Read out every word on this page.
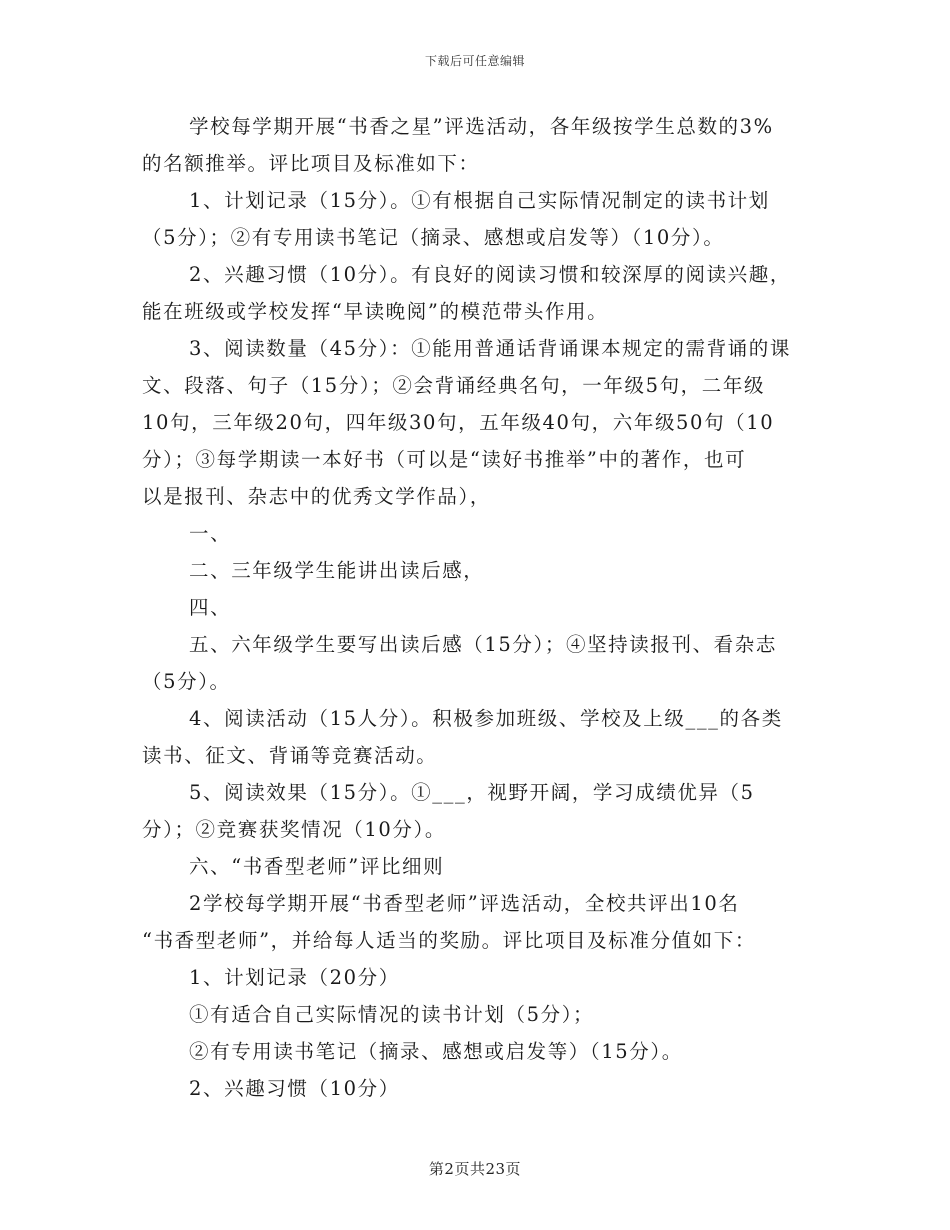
下载后可任意编辑
学校每学期开展“书香之星”评选活动，各年级按学生总数的3%
的名额推举。评比项目及标准如下：
1、计划记录（15分）。①有根据自己实际情况制定的读书计划
（5分）；②有专用读书笔记（摘录、感想或启发等）（10分）。
2、兴趣习惯（10分）。有良好的阅读习惯和较深厚的阅读兴趣，
能在班级或学校发挥“早读晚阅”的模范带头作用。
3、阅读数量（45分）：①能用普通话背诵课本规定的需背诵的课
文、段落、句子（15分）；②会背诵经典名句，一年级5句，二年级
10句，三年级20句，四年级30句，五年级40句，六年级50句（10
分）；③每学期读一本好书（可以是“读好书推举”中的著作，也可
以是报刊、杂志中的优秀文学作品），
一、
二、三年级学生能讲出读后感，
四、
五、六年级学生要写出读后感（15分）；④坚持读报刊、看杂志
（5分）。
4、阅读活动（15人分）。积极参加班级、学校及上级___的各类
读书、征文、背诵等竞赛活动。
5、阅读效果（15分）。①___，视野开阔，学习成绩优异（5
分）；②竞赛获奖情况（10分）。
六、“书香型老师”评比细则
2学校每学期开展“书香型老师”评选活动，全校共评出10名
“书香型老师”，并给每人适当的奖励。评比项目及标准分值如下：
1、计划记录（20分）
①有适合自己实际情况的读书计划（5分）；
②有专用读书笔记（摘录、感想或启发等）（15分）。
2、兴趣习惯（10分）
第2页共23页
